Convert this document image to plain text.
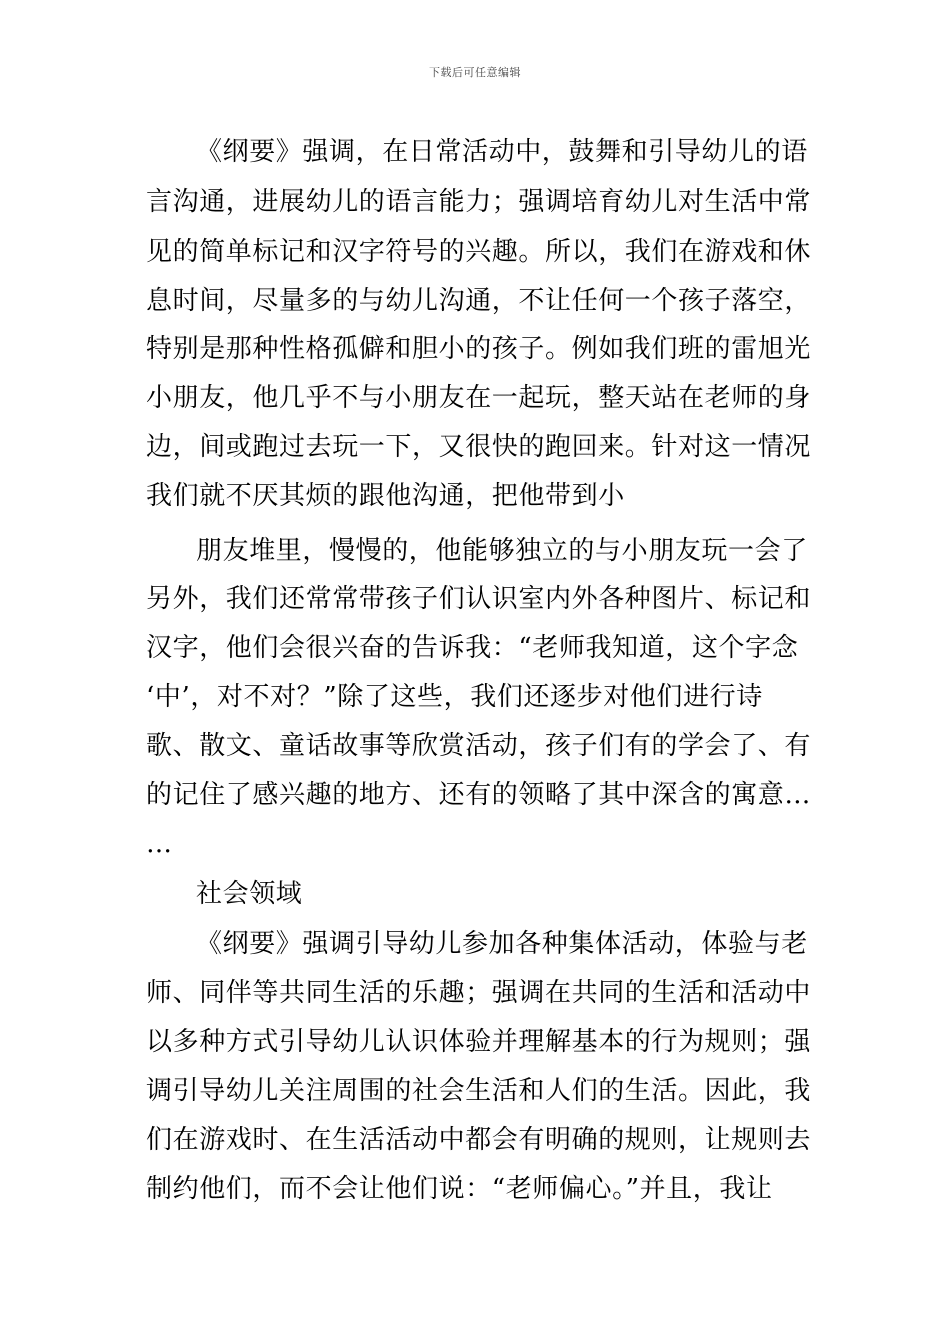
下载后可任意编辑
《纲要》强调，在日常活动中，鼓舞和引导幼儿的语
言沟通，进展幼儿的语言能力；强调培育幼儿对生活中常
见的简单标记和汉字符号的兴趣。所以，我们在游戏和休
息时间，尽量多的与幼儿沟通，不让任何一个孩子落空，
特别是那种性格孤僻和胆小的孩子。例如我们班的雷旭光
小朋友，他几乎不与小朋友在一起玩，整天站在老师的身
边，间或跑过去玩一下，又很快的跑回来。针对这一情况
我们就不厌其烦的跟他沟通，把他带到小
朋友堆里，慢慢的，他能够独立的与小朋友玩一会了
另外，我们还常常带孩子们认识室内外各种图片、标记和
汉字，他们会很兴奋的告诉我：“老师我知道，这个字念
‘中’，对不对？”除了这些，我们还逐步对他们进行诗
歌、散文、童话故事等欣赏活动，孩子们有的学会了、有
的记住了感兴趣的地方、还有的领略了其中深含的寓意…
…
社会领域
《纲要》强调引导幼儿参加各种集体活动，体验与老
师、同伴等共同生活的乐趣；强调在共同的生活和活动中
以多种方式引导幼儿认识体验并理解基本的行为规则；强
调引导幼儿关注周围的社会生活和人们的生活。因此，我
们在游戏时、在生活活动中都会有明确的规则，让规则去
制约他们，而不会让他们说：“老师偏心。”并且，我让
